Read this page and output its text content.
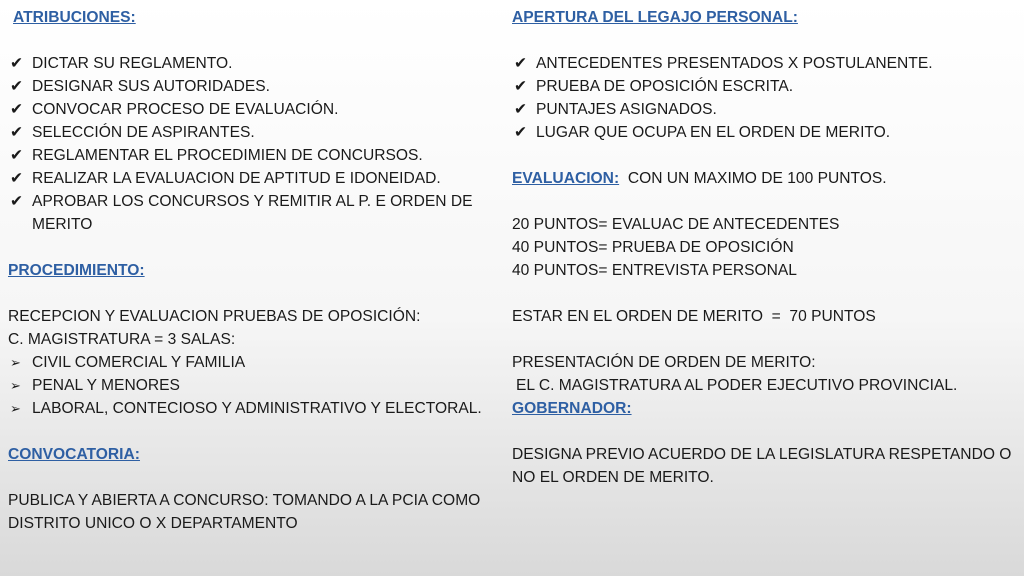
ATRIBUCIONES:
✔ DICTAR SU REGLAMENTO.
✔ DESIGNAR SUS AUTORIDADES.
✔ CONVOCAR PROCESO DE EVALUACIÓN.
✔ SELECCIÓN DE ASPIRANTES.
✔ REGLAMENTAR EL PROCEDIMIEN DE CONCURSOS.
✔ REALIZAR LA EVALUACION DE APTITUD E IDONEIDAD.
✔ APROBAR LOS CONCURSOS Y REMITIR AL P. E ORDEN DE MERITO
PROCEDIMIENTO:
RECEPCION Y EVALUACION PRUEBAS DE OPOSICIÓN:
C. MAGISTRATURA = 3 SALAS:
➢ CIVIL COMERCIAL Y FAMILIA
➢ PENAL Y MENORES
➢ LABORAL, CONTECIOSO Y ADMINISTRATIVO Y ELECTORAL.
CONVOCATORIA:
PUBLICA Y ABIERTA A CONCURSO: TOMANDO A LA PCIA COMO DISTRITO UNICO O X DEPARTAMENTO
APERTURA DEL LEGAJO PERSONAL:
✔ ANTECEDENTES PRESENTADOS X POSTULANENTE.
✔ PRUEBA DE OPOSICIÓN ESCRITA.
✔ PUNTAJES ASIGNADOS.
✔ LUGAR QUE OCUPA EN EL ORDEN DE MERITO.
EVALUACION: CON UN MAXIMO DE 100 PUNTOS.
20 PUNTOS= EVALUAC DE ANTECEDENTES
40 PUNTOS= PRUEBA DE OPOSICIÓN
40 PUNTOS= ENTREVISTA PERSONAL
ESTAR EN EL ORDEN DE MERITO  =  70 PUNTOS
PRESENTACIÓN DE ORDEN DE MERITO:
EL C. MAGISTRATURA AL PODER EJECUTIVO PROVINCIAL.
GOBERNADOR:
DESIGNA PREVIO ACUERDO DE LA LEGISLATURA RESPETANDO O NO EL ORDEN DE MERITO.
